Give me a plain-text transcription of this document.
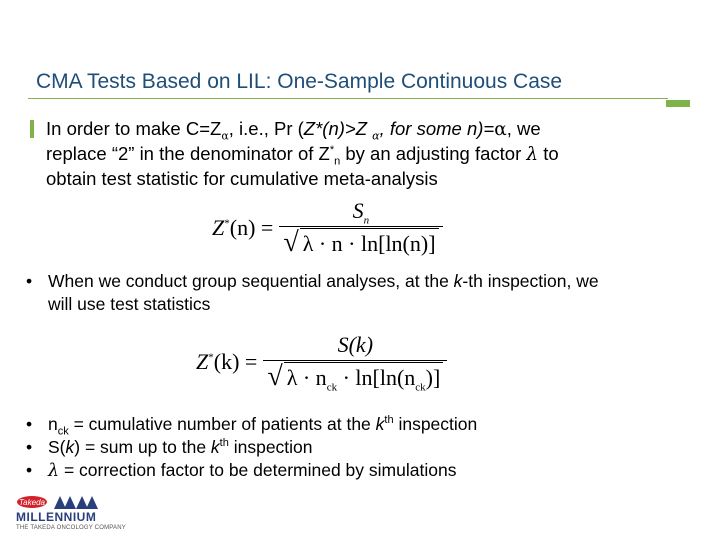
CMA Tests Based on LIL: One-Sample Continuous Case
In order to make $C=Z_\alpha$, i.e., Pr (Z*(n)>Z $_\alpha$, for some n)=α, we
replace “2” in the denominator of $Z^*_n$ by an adjusting factor λ to
obtain test statistic for cumulative meta-analysis
$Z^*(n) = \frac{S_n}{√ \lambda \cdot n \cdot \ln[\ln(n)]}$
• When we conduct group sequential analyses, at the k-th inspection, we
will use test statistics
$Z^*(k) = \frac{S(k)}{√ \lambda \cdot n_{ck} \cdot \ln[\ln(n_{ck})]}$
• $n_{ck}$ = cumulative number of patients at the $k^{th}$ inspection
• S(k) = sum up to the $k^{th}$ inspection
• λ = correction factor to be determined by simulations
Takeda
MILLENNIUM
THE TAKEDA ONCOLOGY COMPANY
